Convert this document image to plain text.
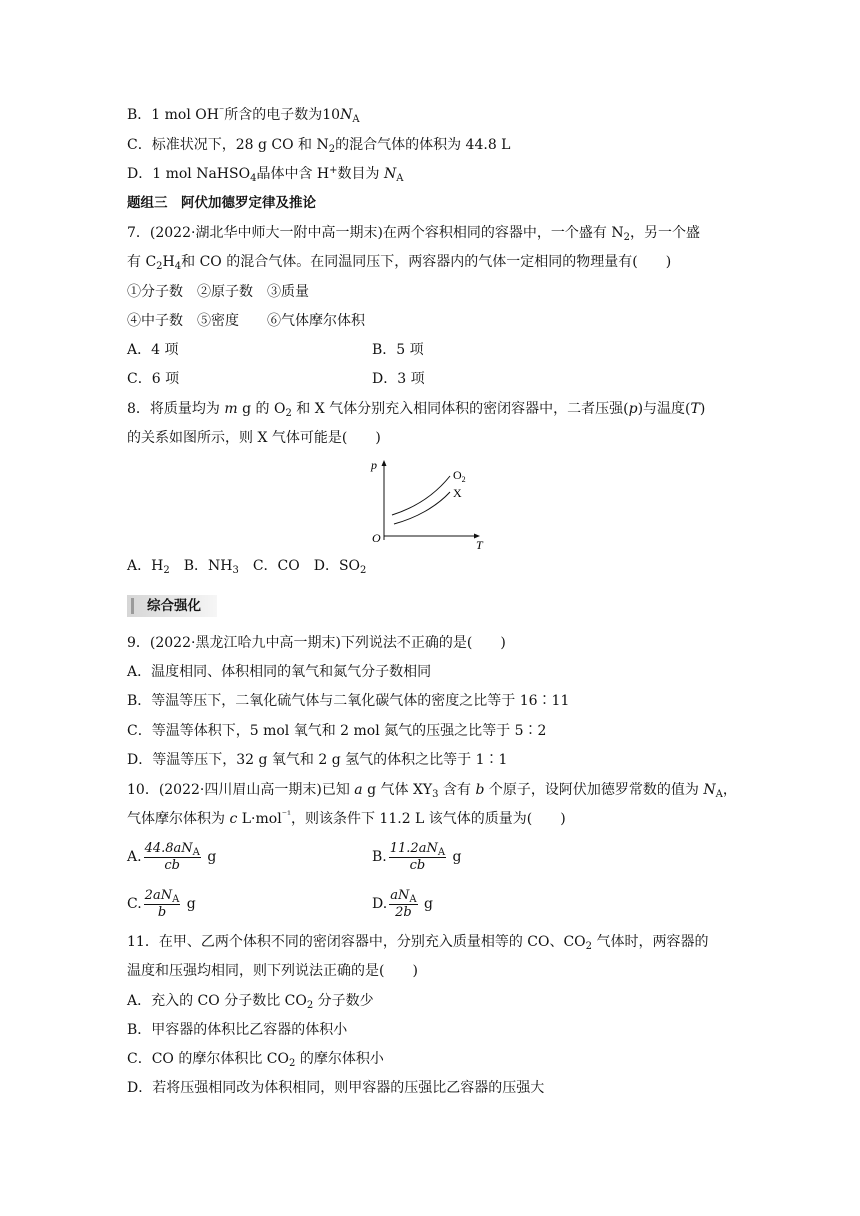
B．1 mol OH⁻所含的电子数为$10N_A$
C．标准状况下，28 g CO 和 $N_2$的混合气体的体积为 44.8 L
D．1 mol NaHSO$_4$晶体中含 H+数目为 $N_A$
题组三　阿伏加德罗定律及推论
7．(2022·湖北华中师大一附中高一期末)在两个容积相同的容器中，一个盛有 $N_2$，另一个盛
有 $C_2H_4$和 CO 的混合气体。在同温同压下，两容器内的气体一定相同的物理量有(　　)
①分子数 ②原子数 ③质量
④中子数 ⑤密度 ⑥气体摩尔体积
A．4 项	B．5 项
C．6 项	D．3 项
8．将质量均为 m g 的 $O_2$ 和 X 气体分别充入相同体积的密闭容器中，二者压强(p)与温度(T)
的关系如图所示，则 X 气体可能是(　　)
p
T
O
$O_2$
X
A．$H_2$　 B．$NH_3$　 C．CO　 D．$SO_2$
综合强化
9．(2022·黑龙江哈九中高一期末)下列说法不正确的是(　　)
A．温度相同、体积相同的氧气和氮气分子数相同
B．等温等压下，二氧化硫气体与二氧化碳气体的密度之比等于 16∶11
C．等温等体积下，5 mol 氧气和 2 mol 氮气的压强之比等于 5∶2
D．等温等压下，32 g 氧气和 2 g 氢气的体积之比等于 1∶1
10．(2022·四川眉山高一期末)已知 a g 气体 $XY_3$ 含有 b 个原子，设阿伏加德罗常数的值为 $N_A$，
气体摩尔体积为 c L·mol$^{^{-1}}$，则该条件下 11.2 L 该气体的质量为(　　)
A. $\frac{44.8aN_A}{cb}$ g	B. $\frac{11.2aN_A}{cb}$ g
C. $\frac{2aN_A}{b}$ g	D. $\frac{aN_A}{2b}$ g
11．在甲、乙两个体积不同的密闭容器中，分别充入质量相等的 CO、$CO_2$ 气体时，两容器的
温度和压强均相同，则下列说法正确的是(　　)
A．充入的 CO 分子数比 $CO_2$ 分子数少
B．甲容器的体积比乙容器的体积小
C．CO 的摩尔体积比 $CO_2$ 的摩尔体积小
D．若将压强相同改为体积相同，则甲容器的压强比乙容器的压强大
